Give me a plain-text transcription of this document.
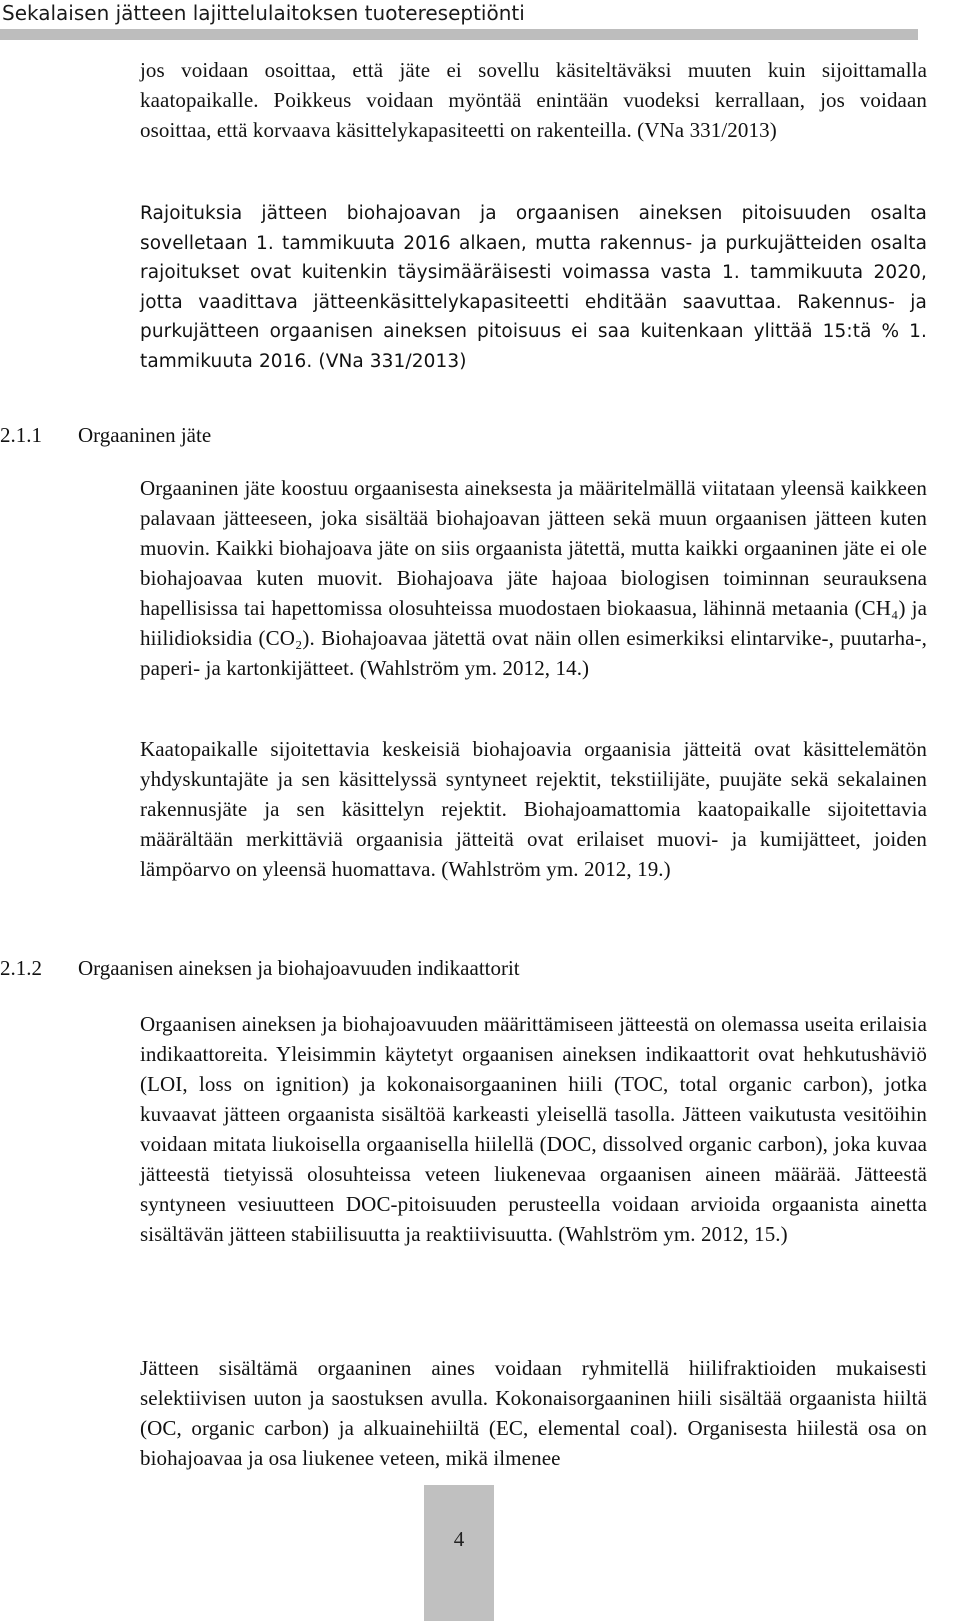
Sekalaisen jätteen lajittelulaitoksen tuotereseptiönti

jos voidaan osoittaa, että jäte ei sovellu käsiteltäväksi muuten kuin sijoittamalla kaatopaikalle. Poikkeus voidaan myöntää enintään vuodeksi kerrallaan, jos voidaan osoittaa, että korvaava käsittelykapasiteetti on rakenteilla. (VNa 331/2013)

Rajoituksia jätteen biohajoavan ja orgaanisen aineksen pitoisuuden osalta sovelletaan 1. tammikuuta 2016 alkaen, mutta rakennus- ja purkujätteiden osalta rajoitukset ovat kuitenkin täysimääräisesti voimassa vasta 1. tammikuuta 2020, jotta vaadittava jätteenkäsittelykapasiteetti ehditään saavuttaa. Rakennus- ja purkujätteen orgaanisen aineksen pitoisuus ei saa kuitenkaan ylittää 15:tä % 1. tammikuuta 2016. (VNa 331/2013)

2.1.1 Orgaaninen jäte

Orgaaninen jäte koostuu orgaanisesta aineksesta ja määritelmällä viitataan yleensä kaikkeen palavaan jätteeseen, joka sisältää biohajoavan jätteen sekä muun orgaanisen jätteen kuten muovin. Kaikki biohajoava jäte on siis orgaanista jätettä, mutta kaikki orgaaninen jäte ei ole biohajoavaa kuten muovit. Biohajoava jäte hajoaa biologisen toiminnan seurauksena hapellisissa tai hapettomissa olosuhteissa muodostaen biokaasua, lähinnä metaania (CH₄) ja hiilidioksidia (CO₂). Biohajoavaa jätettä ovat näin ollen esimerkiksi elintarvike-, puutarha-, paperi- ja kartonkijätteet. (Wahlström ym. 2012, 14.)

Kaatopaikalle sijoitettavia keskeisiä biohajoavia orgaanisia jätteitä ovat käsittelemätön yhdyskuntajäte ja sen käsittelyssä syntyneet rejektit, tekstiilijäte, puujäte sekä sekalainen rakennusjäte ja sen käsittelyn rejektit. Biohajoamattomia kaatopaikalle sijoitettavia määrältään merkittäviä orgaanisia jätteitä ovat erilaiset muovi- ja kumijätteet, joiden lämpöarvo on yleensä huomattava. (Wahlström ym. 2012, 19.)

2.1.2 Orgaanisen aineksen ja biohajoavuuden indikaattorit

Orgaanisen aineksen ja biohajoavuuden määrittämiseen jätteestä on olemassa useita erilaisia indikaattoreita. Yleisimmin käytetyt orgaanisen aineksen indikaattorit ovat hehkutushäviö (LOI, loss on ignition) ja kokonaisorgaaninen hiili (TOC, total organic carbon), jotka kuvaavat jätteen orgaanista sisältöä karkeasti yleisellä tasolla. Jätteen vaikutusta vesitöihin voidaan mitata liukoisella orgaanisella hiilellä (DOC, dissolved organic carbon), joka kuvaa jätteestä tietyissä olosuhteissa veteen liukenevaa orgaanisen aineen määrää. Jätteestä syntyneen vesiuutteen DOC-pitoisuuden perusteella voidaan arvioida orgaanista ainetta sisältävän jätteen stabiilisuutta ja reaktiivisuutta. (Wahlström ym. 2012, 15.)

Jätteen sisältämä orgaaninen aines voidaan ryhmitellä hiilifraktioiden mukaisesti selektiivisen uuton ja saostuksen avulla. Kokonaisorgaaninen hiili sisältää orgaanista hiiltä (OC, organic carbon) ja alkuainehiiltä (EC, elemental coal). Organisesta hiilestä osa on biohajoavaa ja osa liukenee veteen, mikä ilmenee

4
